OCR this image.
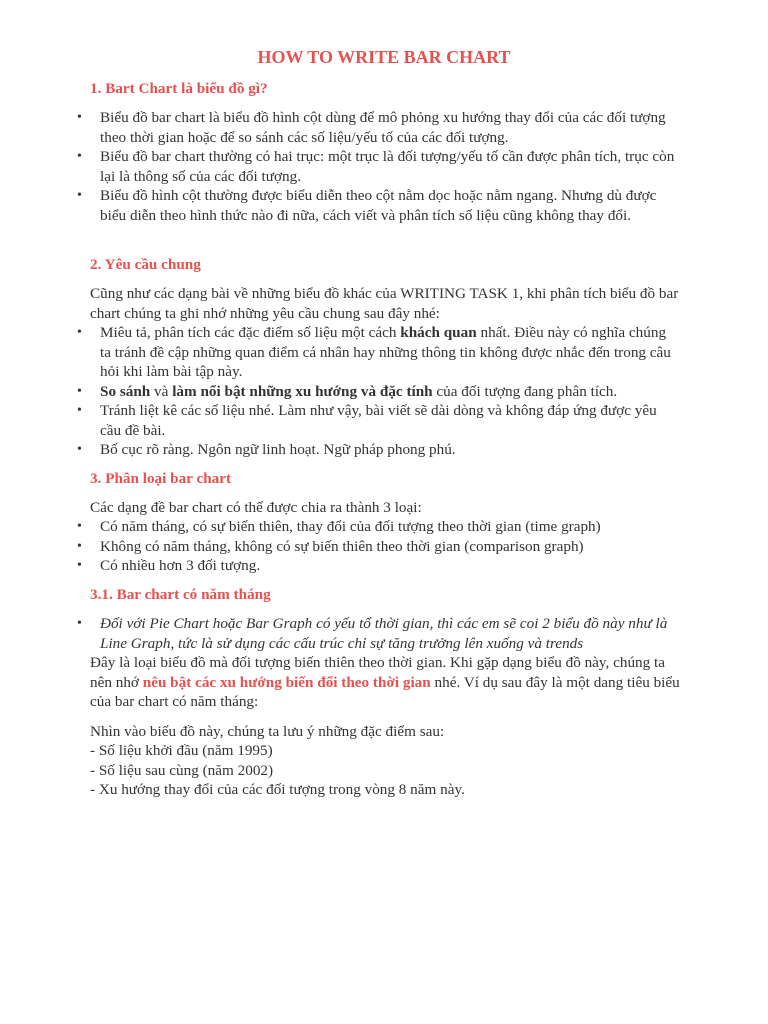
HOW TO WRITE BAR CHART
1. Bart Chart là biểu đồ gì?
• Biểu đồ bar chart là biểu đồ hình cột dùng để mô phỏng xu hướng thay đổi của các đối tượng theo thời gian hoặc để so sánh các số liệu/yếu tố của các đối tượng.
• Biểu đồ bar chart thường có hai trục: một trục là đối tượng/yếu tố cần được phân tích, trục còn lại là thông số của các đối tượng.
• Biểu đồ hình cột thường được biểu diễn theo cột nằm dọc hoặc nằm ngang. Nhưng dù được biểu diễn theo hình thức nào đi nữa, cách viết và phân tích số liệu cũng không thay đổi.
2. Yêu cầu chung

Cũng như các dạng bài về những biểu đồ khác của WRITING TASK 1, khi phân tích biểu đồ bar chart chúng ta ghi nhớ những yêu cầu chung sau đây nhé:

• Miêu tả, phân tích các đặc điểm số liệu một cách khách quan nhất. Điều này có nghĩa chúng ta tránh đề cập những quan điểm cá nhân hay những thông tin không được nhắc đến trong câu hỏi khi làm bài tập này.
• So sánh và làm nổi bật những xu hướng và đặc tính của đối tượng đang phân tích.
• Tránh liệt kê các số liệu nhé. Làm như vậy, bài viết sẽ dài dòng và không đáp ứng được yêu cầu đề bài.
• Bố cục rõ ràng. Ngôn ngữ linh hoạt. Ngữ pháp phong phú.
3. Phân loại bar chart

Các dạng đề bar chart có thể được chia ra thành 3 loại:

• Có năm tháng, có sự biến thiên, thay đổi của đối tượng theo thời gian (time graph)
• Không có năm tháng, không có sự biến thiên theo thời gian (comparison graph)
• Có nhiều hơn 3 đối tượng.
3.1. Bar chart có năm tháng
• Đối với Pie Chart hoặc Bar Graph có yếu tố thời gian, thì các em sẽ coi 2 biểu đồ này như là Line Graph, tức là sử dụng các cấu trúc chỉ sự tăng trưởng lên xuống và trends

Đây là loại biểu đồ mà đối tượng biến thiên theo thời gian. Khi gặp dạng biểu đồ này, chúng ta nên nhớ nêu bật các xu hướng biến đổi theo thời gian nhé. Ví dụ sau đây là một dang tiêu biểu của bar chart có năm tháng:

Nhìn vào biểu đồ này, chúng ta lưu ý những đặc điểm sau:

- Số liệu khởi đầu (năm 1995)

- Số liệu sau cùng (năm 2002)

- Xu hướng thay đổi của các đối tượng trong vòng 8 năm này.
